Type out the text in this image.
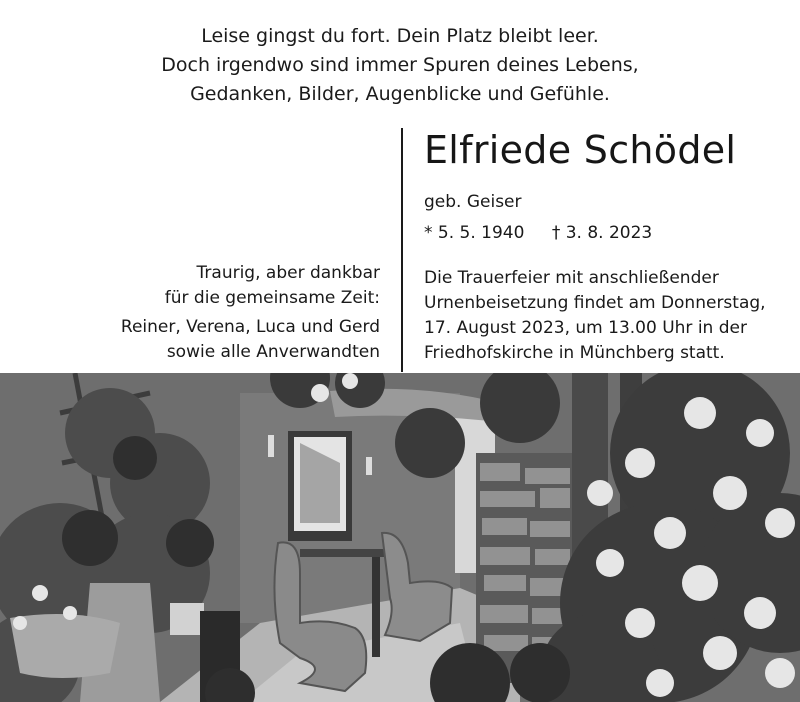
Leise gingst du fort. Dein Platz bleibt leer.
Doch irgendwo sind immer Spuren deines Lebens,
Gedanken, Bilder, Augenblicke und Gefühle.
Elfriede Schödel
geb. Geiser
* 5. 5. 1940 † 3. 8. 2023
Traurig, aber dankbar
für die gemeinsame Zeit:
Reiner, Verena, Luca und Gerd
sowie alle Anverwandten
Die Trauerfeier mit anschließender
Urnenbeisetzung findet am Donnerstag,
17. August 2023, um 13.00 Uhr in der
Friedhofskirche in Münchberg statt.
